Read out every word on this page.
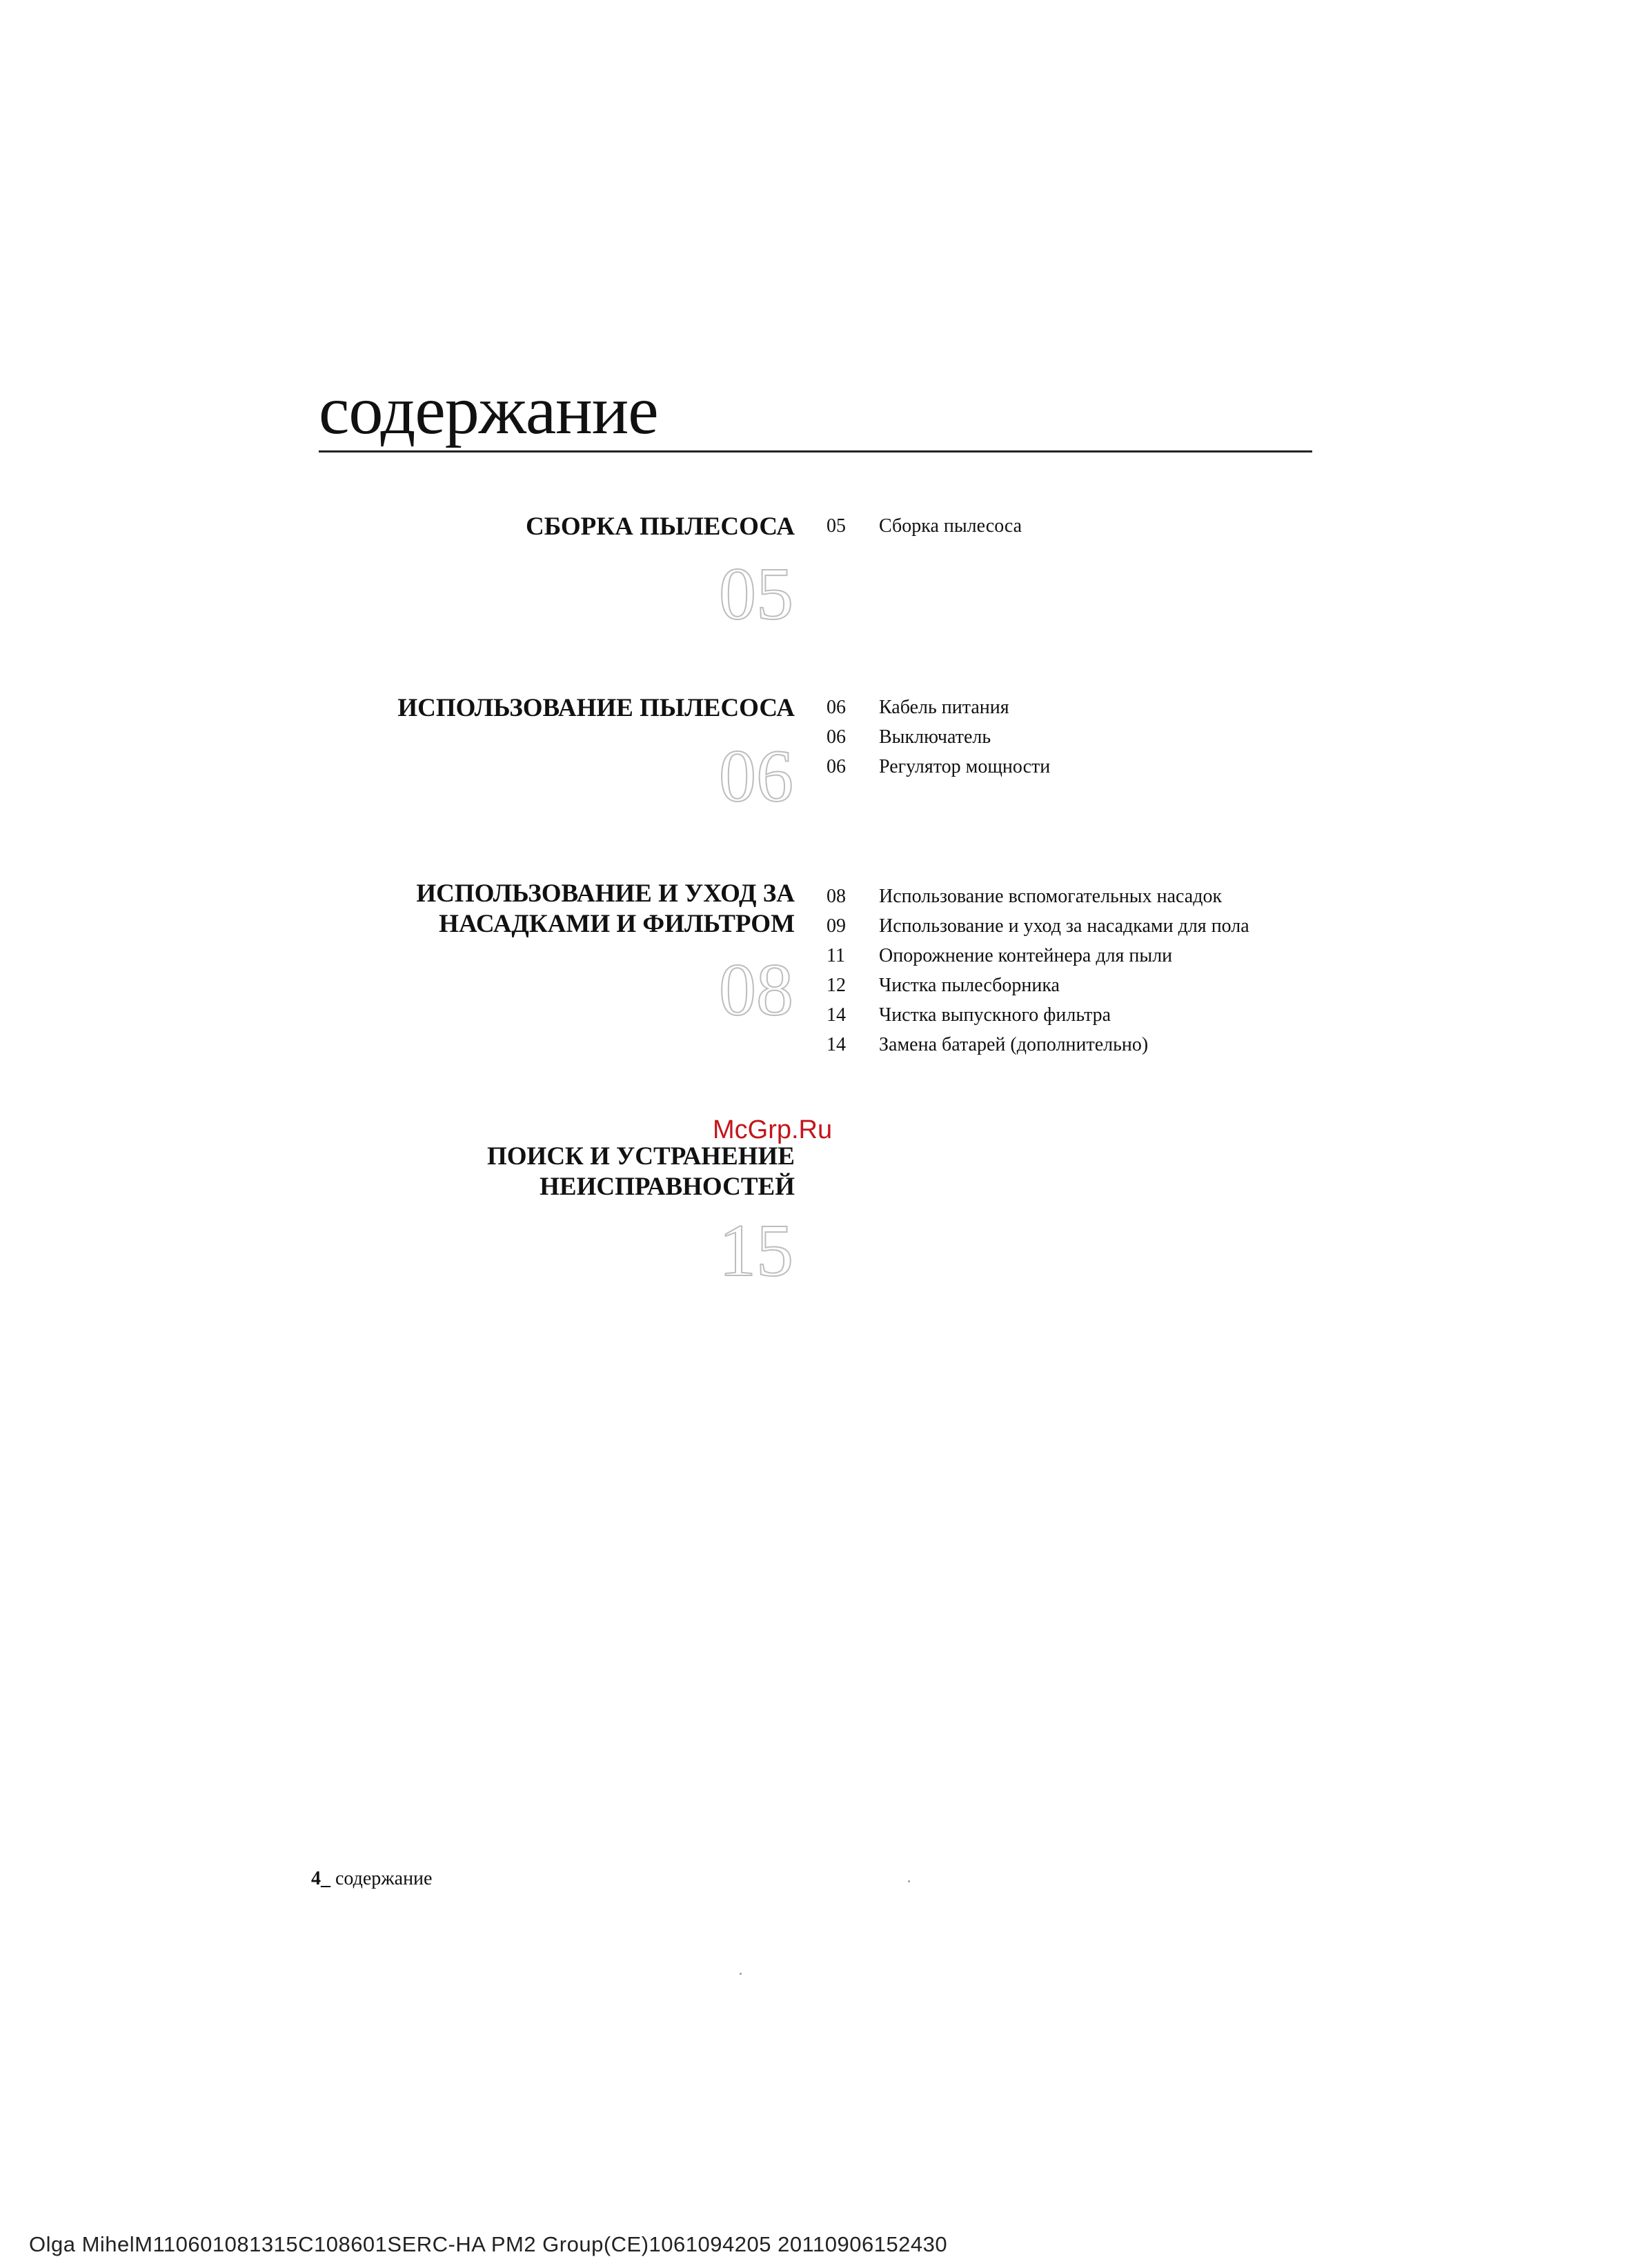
содержание
СБОРКА ПЫЛЕСОСА
05
05 Сборка пылесоса
ИСПОЛЬЗОВАНИЕ ПЫЛЕСОСА
06
06 Кабель питания
06 Выключатель
06 Регулятор мощности
ИСПОЛЬЗОВАНИЕ И УХОД ЗА
НАСАДКАМИ И ФИЛЬТРОМ
08
08 Использование вспомогательных насадок
09 Использование и уход за насадками для пола
11 Опорожнение контейнера для пыли
12 Чистка пылесборника
14 Чистка выпускного фильтра
14 Замена батарей (дополнительно)
ПОИСК И УСТРАНЕНИЕ
НЕИСПРАВНОСТЕЙ
15
McGrp.Ru
4_ содержание
Olga MihelM110601081315C108601SERC-HA PM2 Group(CE)1061094205 20110906152430
